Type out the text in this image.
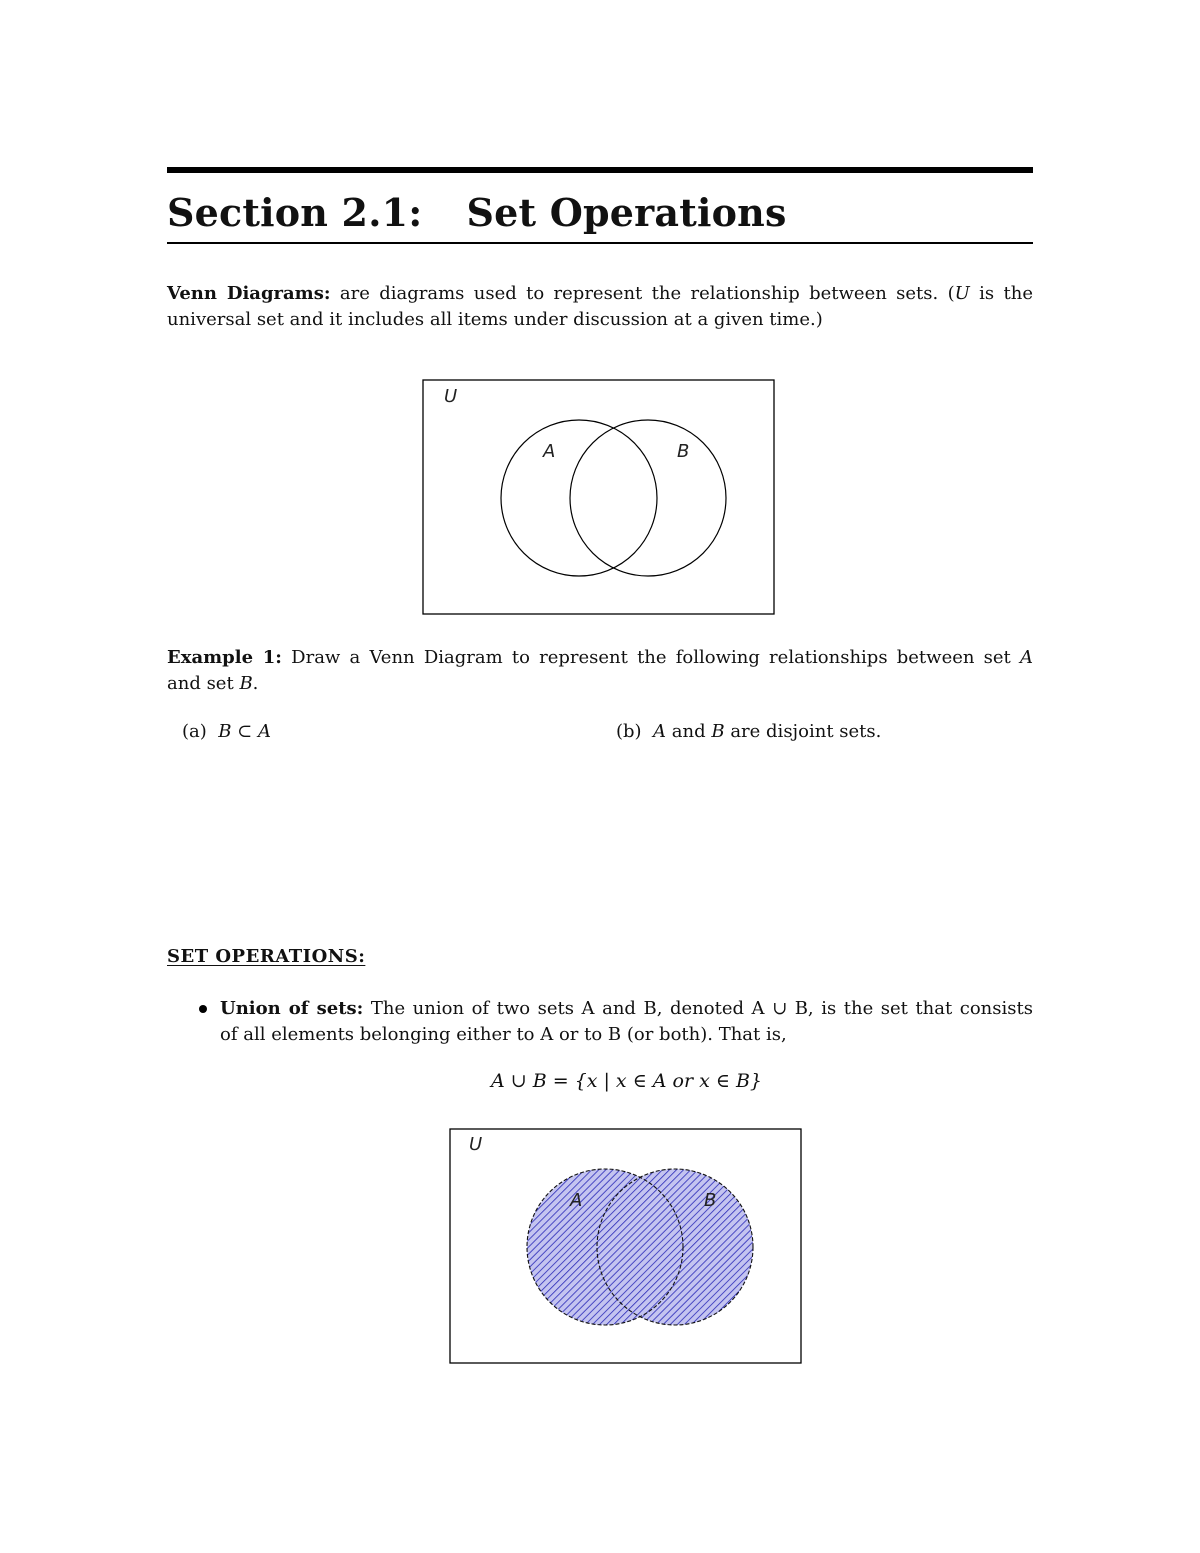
Section 2.1: Set Operations
Venn Diagrams: are diagrams used to represent the relationship between sets. (U is the
universal set and it includes all items under discussion at a given time.)
U
A	B
Example 1: Draw a Venn Diagram to represent the following relationships between set A
and set B.
(a) B ⊂ A	(b) A and B are disjoint sets.
SET OPERATIONS:
Union of sets: The union of two sets A and B, denoted A ∪ B, is the set that consists
of all elements belonging either to A or to B (or both). That is,
A ∪ B = {x | x ∈ A or x ∈ B}
U
A	B
